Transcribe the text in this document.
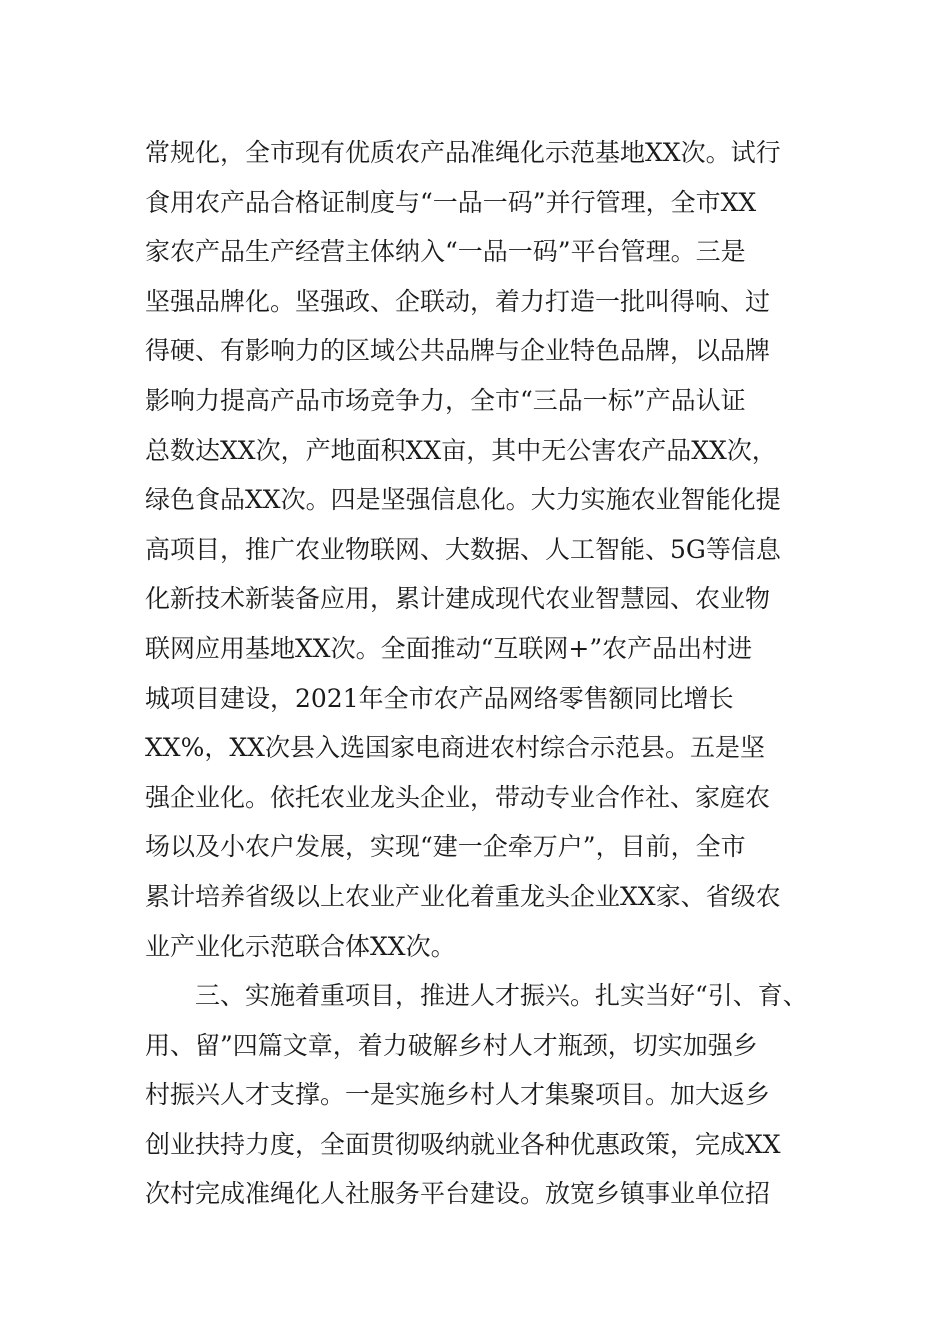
常规化，全市现有优质农产品准绳化示范基地XX次。试行
食用农产品合格证制度与“一品一码”并行管理，全市XX
家农产品生产经营主体纳入“一品一码”平台管理。三是
坚强品牌化。坚强政、企联动，着力打造一批叫得响、过
得硬、有影响力的区域公共品牌与企业特色品牌，以品牌
影响力提高产品市场竞争力，全市“三品一标”产品认证
总数达XX次，产地面积XX亩，其中无公害农产品XX次，
绿色食品XX次。四是坚强信息化。大力实施农业智能化提
高项目，推广农业物联网、大数据、人工智能、5G等信息
化新技术新装备应用，累计建成现代农业智慧园、农业物
联网应用基地XX次。全面推动“互联网+”农产品出村进
城项目建设，2021年全市农产品网络零售额同比增长
XX%，XX次县入选国家电商进农村综合示范县。五是坚
强企业化。依托农业龙头企业，带动专业合作社、家庭农
场以及小农户发展，实现“建一企牵万户”，目前，全市
累计培养省级以上农业产业化着重龙头企业XX家、省级农
业产业化示范联合体XX次。
三、实施着重项目，推进人才振兴。扎实当好“引、育、
用、留”四篇文章，着力破解乡村人才瓶颈，切实加强乡
村振兴人才支撑。一是实施乡村人才集聚项目。加大返乡
创业扶持力度，全面贯彻吸纳就业各种优惠政策，完成XX
次村完成准绳化人社服务平台建设。放宽乡镇事业单位招
